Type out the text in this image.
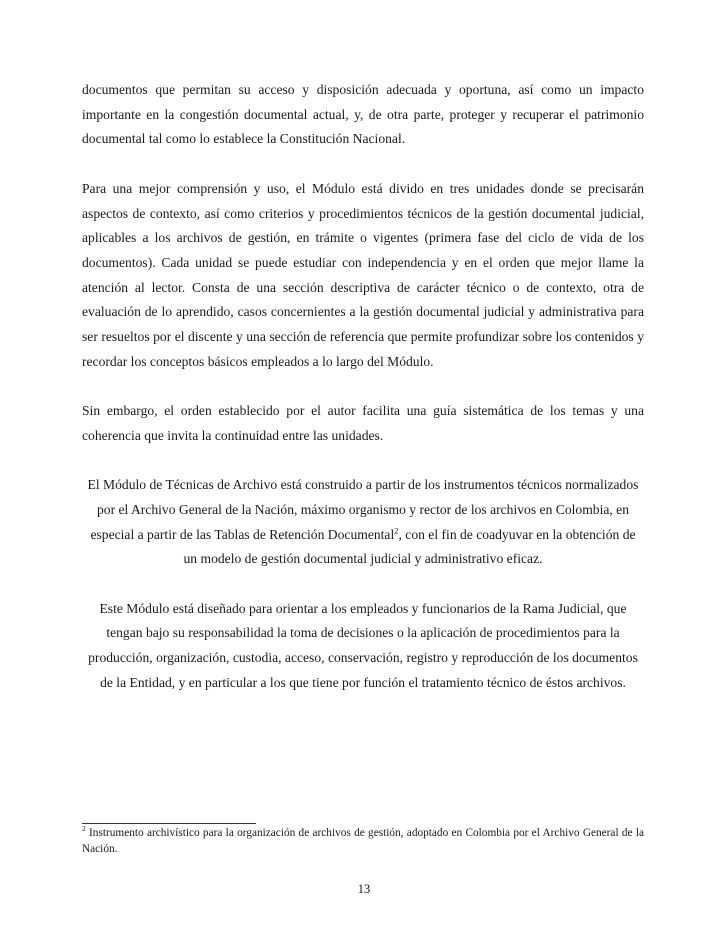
documentos que permitan su acceso y disposición adecuada y oportuna, así como un impacto importante en la congestión documental actual, y, de otra parte, proteger y recuperar el patrimonio documental tal como lo establece la Constitución Nacional.

Para una mejor comprensión y uso, el Módulo está divido en tres unidades donde se precisarán aspectos de contexto, así como criterios y procedimientos técnicos de la gestión documental judicial, aplicables a los archivos de gestión, en trámite o vigentes (primera fase del ciclo de vida de los documentos). Cada unidad se puede estudiar con independencia y en el orden que mejor llame la atención al lector. Consta de una sección descriptiva de carácter técnico o de contexto, otra de evaluación de lo aprendido, casos concernientes a la gestión documental judicial y administrativa para ser resueltos por el discente y una sección de referencia que permite profundizar sobre los contenidos y recordar los conceptos básicos empleados a lo largo del Módulo.

Sin embargo, el orden establecido por el autor facilita una guía sistemática de los temas y una coherencia que invita la continuidad entre las unidades.

El Módulo de Técnicas de Archivo está construido a partir de los instrumentos técnicos normalizados por el Archivo General de la Nación, máximo organismo y rector de los archivos en Colombia, en especial a partir de las Tablas de Retención Documental$^2$, con el fin de coadyuvar en la obtención de un modelo de gestión documental judicial y administrativo eficaz.

Este Módulo está diseñado para orientar a los empleados y funcionarios de la Rama Judicial, que tengan bajo su responsabilidad la toma de decisiones o la aplicación de procedimientos para la producción, organización, custodia, acceso, conservación, registro y reproducción de los documentos de la Entidad, y en particular a los que tiene por función el tratamiento técnico de éstos archivos.

$^2$ Instrumento archivístico para la organización de archivos de gestión, adoptado en Colombia por el Archivo General de la Nación.
13
